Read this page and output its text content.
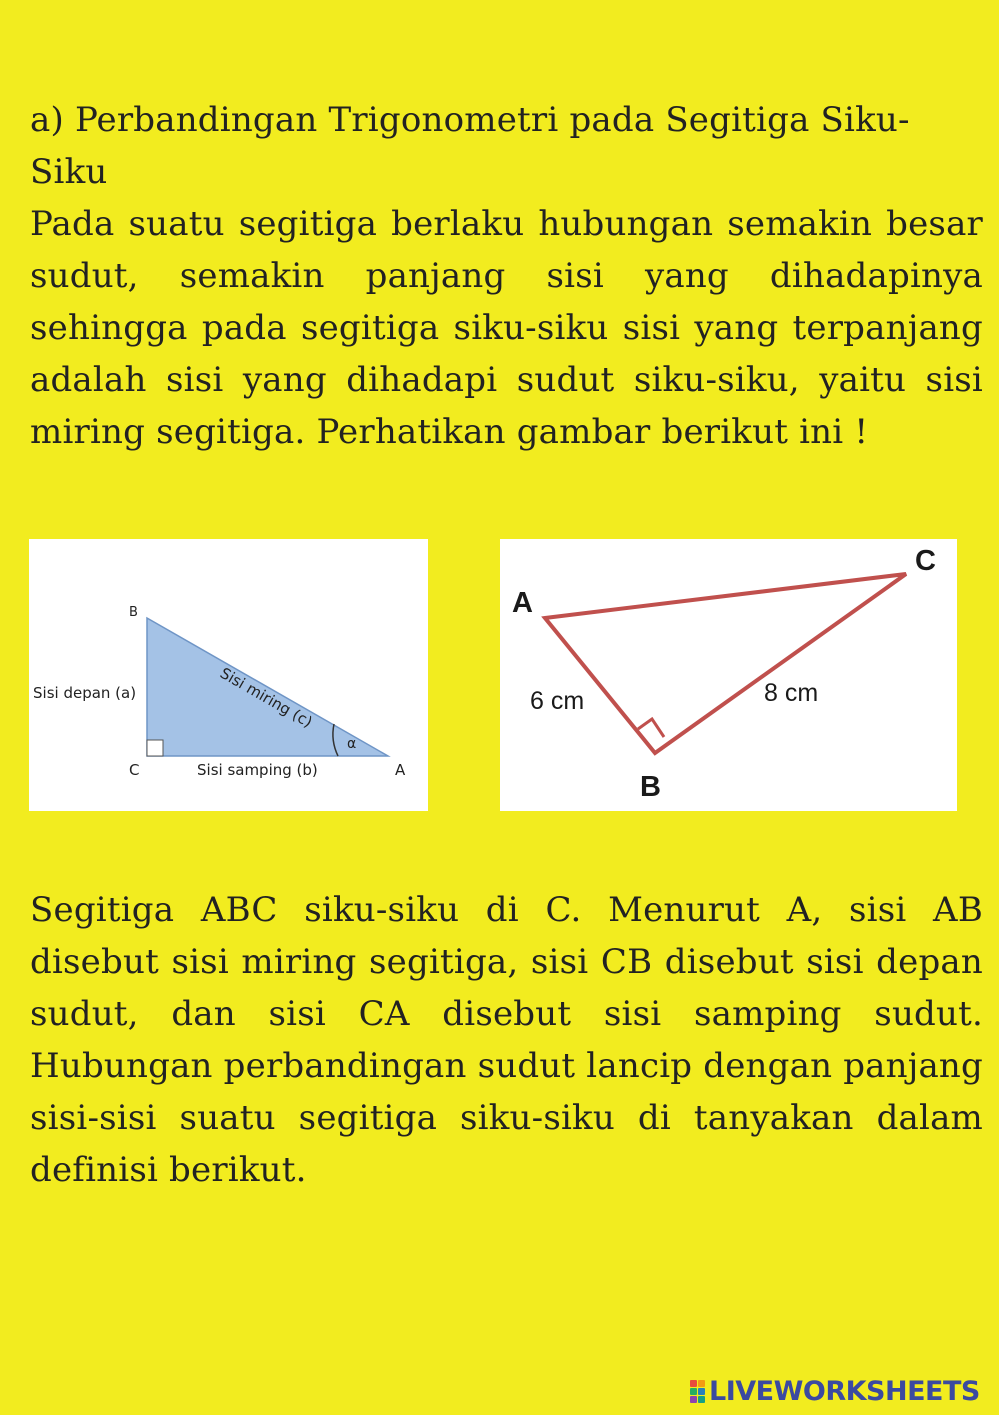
a) Perbandingan Trigonometri pada Segitiga Siku-
Siku
Pada suatu segitiga berlaku hubungan semakin besar sudut, semakin panjang sisi yang dihadapinya sehingga pada segitiga siku-siku sisi yang terpanjang adalah sisi yang dihadapi sudut siku-siku, yaitu sisi miring segitiga. Perhatikan gambar berikut ini !
B
C	A
Sisi depan (a)
Sisi samping (b)
Sisi miring (c)
α
A
B
C
6 cm	8 cm
Segitiga ABC siku-siku di C. Menurut A, sisi AB disebut sisi miring segitiga, sisi CB disebut sisi depan sudut, dan sisi CA disebut sisi samping sudut. Hubungan perbandingan sudut lancip dengan panjang sisi-sisi suatu segitiga siku-siku di tanyakan dalam definisi berikut.
LIVEWORKSHEETS
